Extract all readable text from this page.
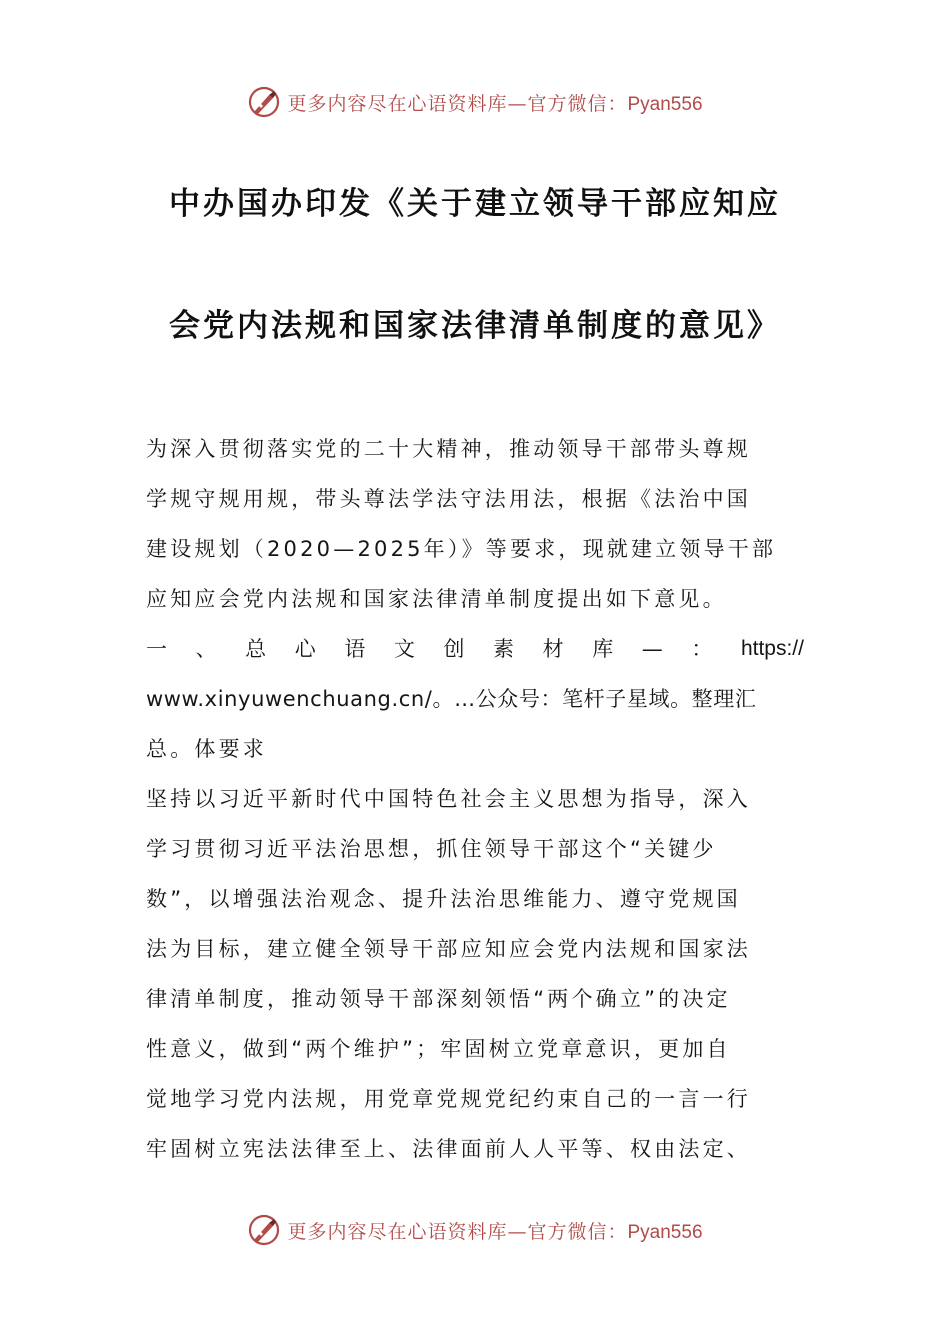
更多内容尽在心语资料库—官方微信：Pyan556
中办国办印发《关于建立领导干部应知应
会党内法规和国家法律清单制度的意见》
为深入贯彻落实党的二十大精神，推动领导干部带头尊规
学规守规用规，带头尊法学法守法用法，根据《法治中国
建设规划（2020—2025年）》等要求，现就建立领导干部
应知应会党内法规和国家法律清单制度提出如下意见。
一 、 总 心 语 文 创 素 材 库 — ： https://
www.xinyuwenchuang.cn/。…公众号：笔杆子星域。整理汇
总。体要求
坚持以习近平新时代中国特色社会主义思想为指导，深入
学习贯彻习近平法治思想，抓住领导干部这个“关键少
数”，以增强法治观念、提升法治思维能力、遵守党规国
法为目标，建立健全领导干部应知应会党内法规和国家法
律清单制度，推动领导干部深刻领悟“两个确立”的决定
性意义，做到“两个维护”；牢固树立党章意识，更加自
觉地学习党内法规，用党章党规党纪约束自己的一言一行
牢固树立宪法法律至上、法律面前人人平等、权由法定、
更多内容尽在心语资料库—官方微信：Pyan556
